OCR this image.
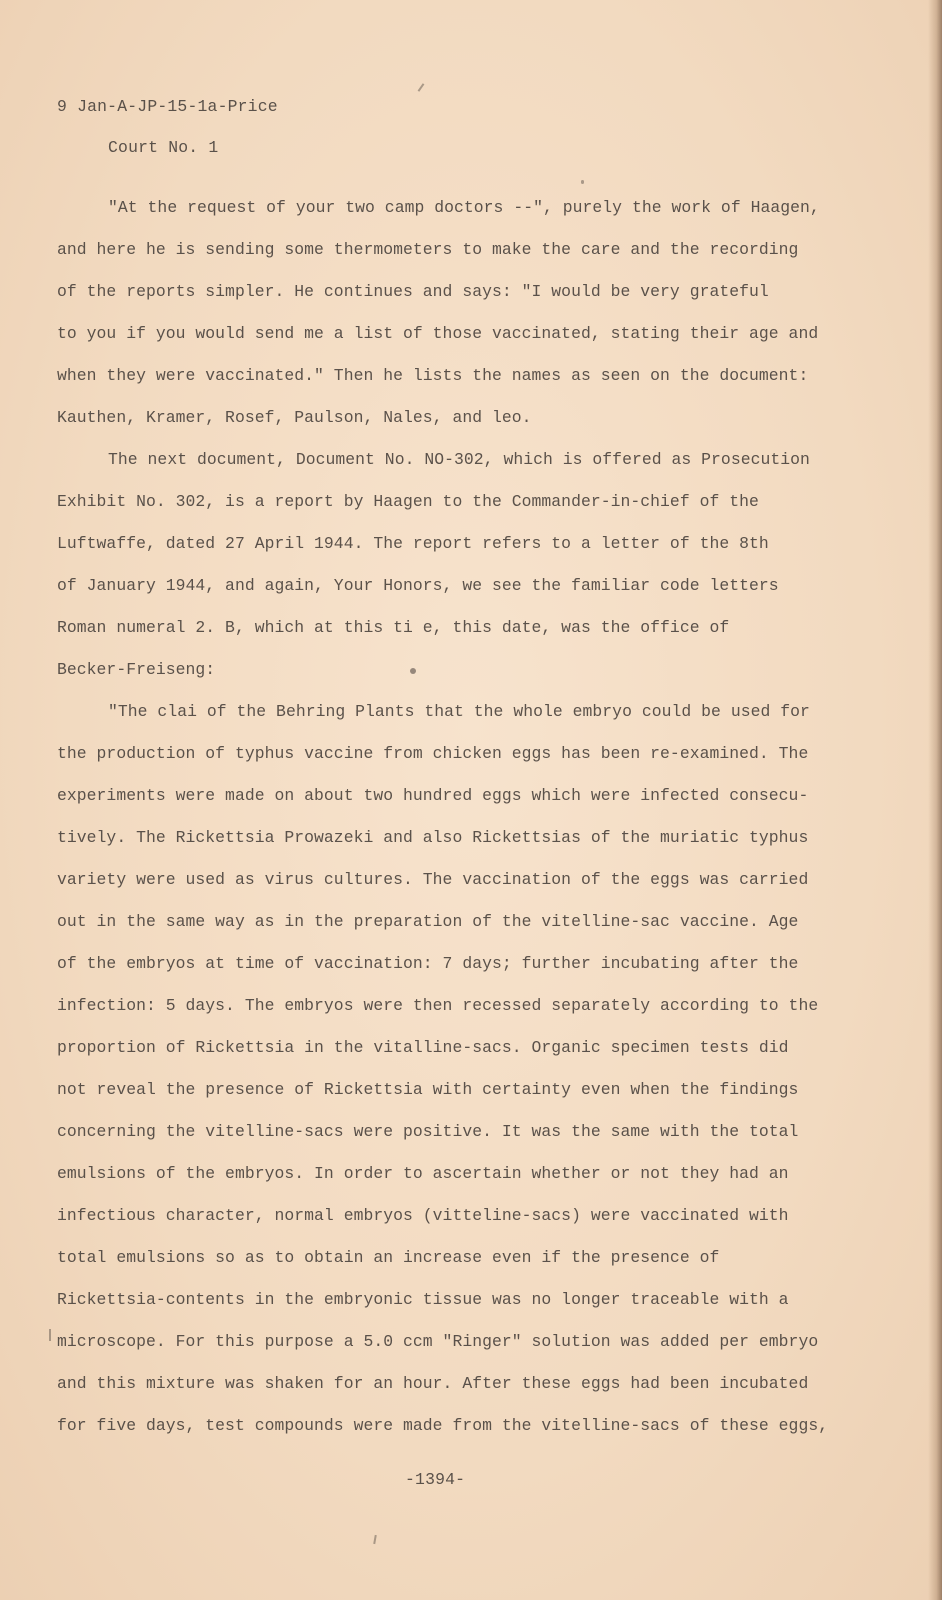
9 Jan-A-JP-15-1a-Price
Court No. 1
"At the request of your two camp doctors --", purely the work of Haagen,
and here he is sending some thermometers to make the care and the recording
of the reports simpler. He continues and says: "I would be very grateful
to you if you would send me a list of those vaccinated, stating their age and
when they were vaccinated." Then he lists the names as seen on the document:
Kauthen, Kramer, Rosef, Paulson, Nales, and leo.
The next document, Document No. NO-302, which is offered as Prosecution
Exhibit No. 302, is a report by Haagen to the Commander-in-chief of the
Luftwaffe, dated 27 April 1944. The report refers to a letter of the 8th
of January 1944, and again, Your Honors, we see the familiar code letters
Roman numeral 2. B, which at this ti e, this date, was the office of
Becker-Freiseng:
"The clai of the Behring Plants that the whole embryo could be used for
the production of typhus vaccine from chicken eggs has been re-examined. The
experiments were made on about two hundred eggs which were infected consecu-
tively. The Rickettsia Prowazeki and also Rickettsias of the muriatic typhus
variety were used as virus cultures. The vaccination of the eggs was carried
out in the same way as in the preparation of the vitelline-sac vaccine. Age
of the embryos at time of vaccination: 7 days; further incubating after the
infection: 5 days. The embryos were then recessed separately according to the
proportion of Rickettsia in the vitalline-sacs. Organic specimen tests did
not reveal the presence of Rickettsia with certainty even when the findings
concerning the vitelline-sacs were positive. It was the same with the total
emulsions of the embryos. In order to ascertain whether or not they had an
infectious character, normal embryos (vitteline-sacs) were vaccinated with
total emulsions so as to obtain an increase even if the presence of
Rickettsia-contents in the embryonic tissue was no longer traceable with a
microscope. For this purpose a 5.0 ccm "Ringer" solution was added per embryo
and this mixture was shaken for an hour. After these eggs had been incubated
for five days, test compounds were made from the vitelline-sacs of these eggs,
-1394-
